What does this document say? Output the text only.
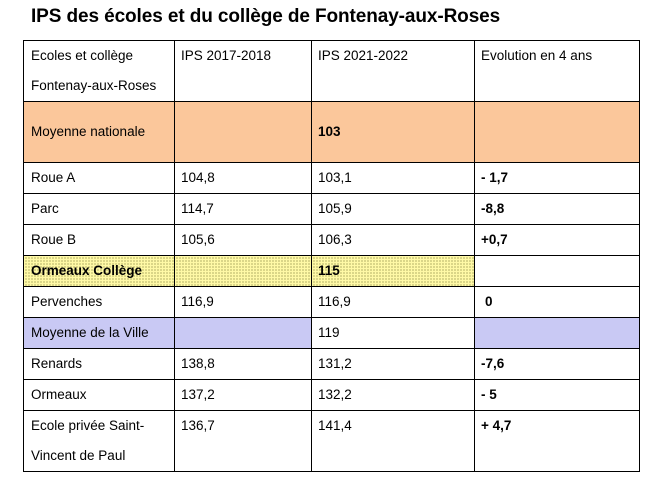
IPS des écoles et du collège de Fontenay-aux-Roses
Ecoles et collège
Fontenay-aux-Roses	IPS 2017-2018	IPS 2021-2022	Evolution en 4 ans
Moyenne nationale		103	
Roue A	104,8	103,1	- 1,7
Parc	114,7	105,9	-8,8
Roue B	105,6	106,3	+0,7
Ormeaux Collège		115	
Pervenches	116,9	116,9	0
Moyenne de la Ville		119	
Renards	138,8	131,2	-7,6
Ormeaux	137,2	132,2	- 5

Ecole privée Saint-
Vincent de Paul	136,7	141,4	+ 4,7
